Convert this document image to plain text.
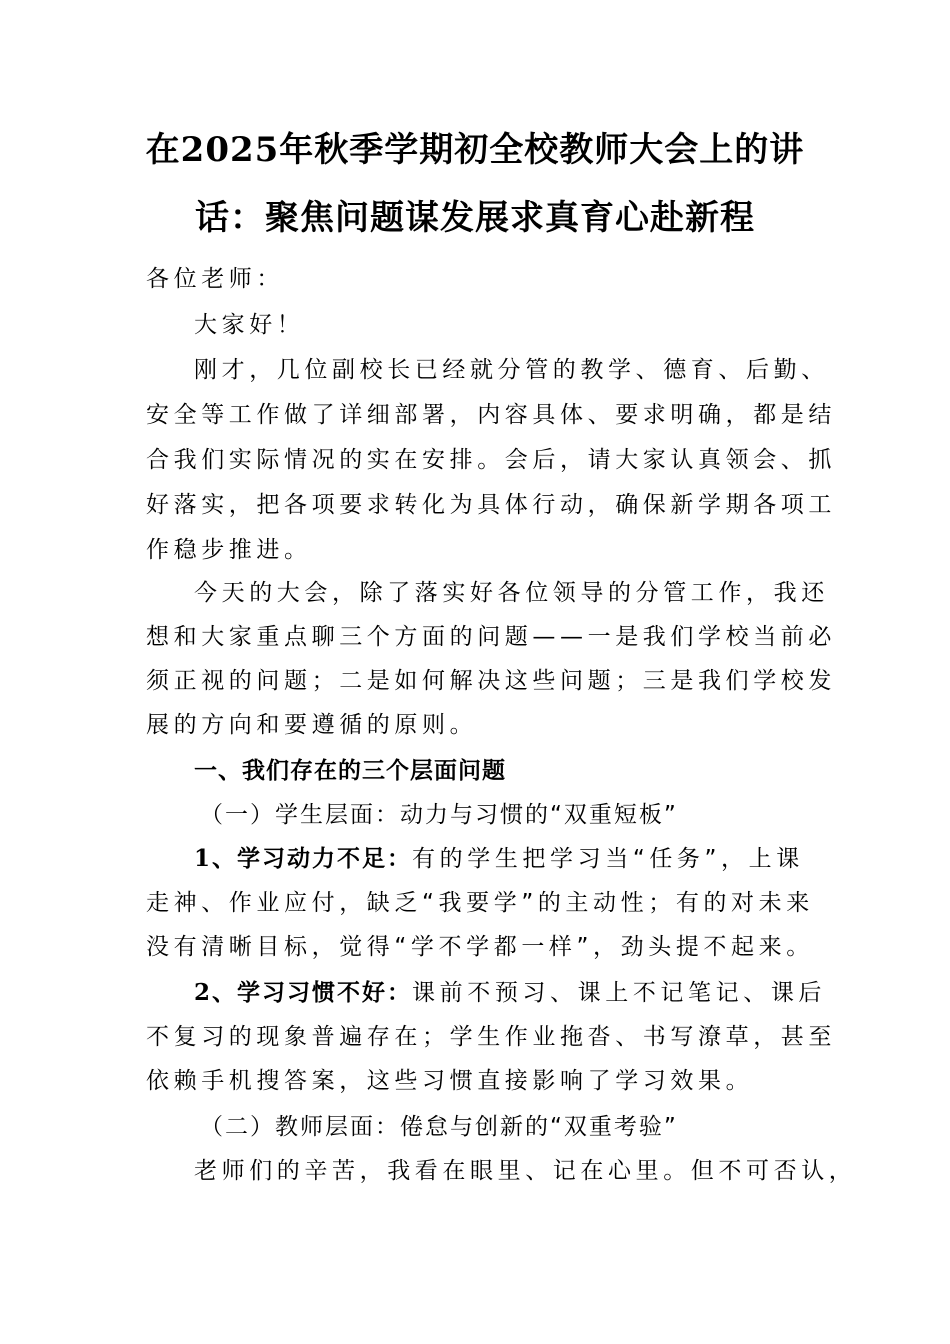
在2025年秋季学期初全校教师大会上的讲
话：聚焦问题谋发展求真育心赴新程
各位老师：
大家好！
刚才，几位副校长已经就分管的教学、德育、后勤、
安全等工作做了详细部署，内容具体、要求明确，都是结
合我们实际情况的实在安排。会后，请大家认真领会、抓
好落实，把各项要求转化为具体行动，确保新学期各项工
作稳步推进。
今天的大会，除了落实好各位领导的分管工作，我还
想和大家重点聊三个方面的问题——一是我们学校当前必
须正视的问题；二是如何解决这些问题；三是我们学校发
展的方向和要遵循的原则。
一、我们存在的三个层面问题
（一）学生层面：动力与习惯的“双重短板”
1、学习动力不足：有的学生把学习当“任务”，上课
走神、作业应付，缺乏“我要学”的主动性；有的对未来
没有清晰目标，觉得“学不学都一样”，劲头提不起来。
2、学习习惯不好：课前不预习、课上不记笔记、课后
不复习的现象普遍存在；学生作业拖沓、书写潦草，甚至
依赖手机搜答案，这些习惯直接影响了学习效果。
（二）教师层面：倦怠与创新的“双重考验”
老师们的辛苦，我看在眼里、记在心里。但不可否认，
